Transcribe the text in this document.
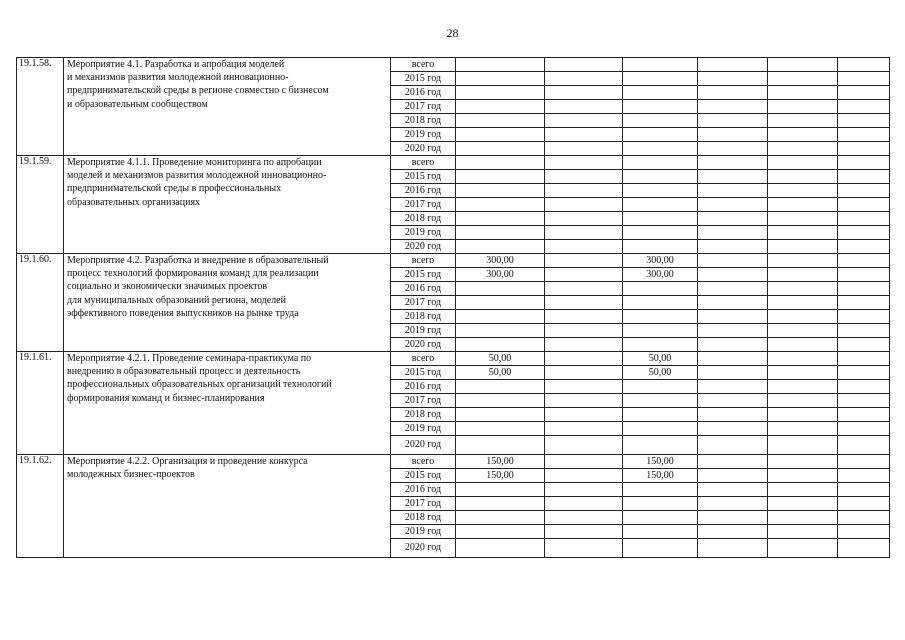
28
19.1.58.	Мероприятие 4.1. Разработка и апробация моделей
и механизмов развития молодежной инновационно-
предпринимательской среды в регионе совместно с бизнесом
и образовательным сообществом	всего						
		2015 год						
		2016 год						
		2017 год						
		2018 год						
		2019 год						
		2020 год						
19.1.59.	Мероприятие 4.1.1. Проведение мониторинга по апробации
моделей и механизмов развития молодежной инновационно-
предпринимательской среды в профессиональных
образовательных организациях	всего						
		2015 год						
		2016 год						
		2017 год						
		2018 год						
		2019 год						
		2020 год						
19.1.60.	Мероприятие 4.2. Разработка и внедрение в образовательный
процесс технологий формирования команд для реализации
социально и экономически значимых проектов
для муниципальных образований региона, моделей
эффективного поведения выпускников на рынке труда	всего	300,00		300,00			
		2015 год	300,00		300,00			
		2016 год						
		2017 год						
		2018 год						
		2019 год						
		2020 год						
19.1.61.	Мероприятие 4.2.1. Проведение семинара-практикума по
внедрению в образовательный процесс и деятельность
профессиональных образовательных организаций технологий
формирования команд и бизнес-планирования	всего	50,00		50,00			
		2015 год	50,00		50,00			
		2016 год						
		2017 год						
		2018 год						
		2019 год						
		2020 год						
19.1.62.	Мероприятие 4.2.2. Организация и проведение конкурса
молодежных бизнес-проектов	всего	150,00		150,00			
		2015 год	150,00		150,00			
		2016 год						
		2017 год						
		2018 год						
		2019 год						
		2020 год						
